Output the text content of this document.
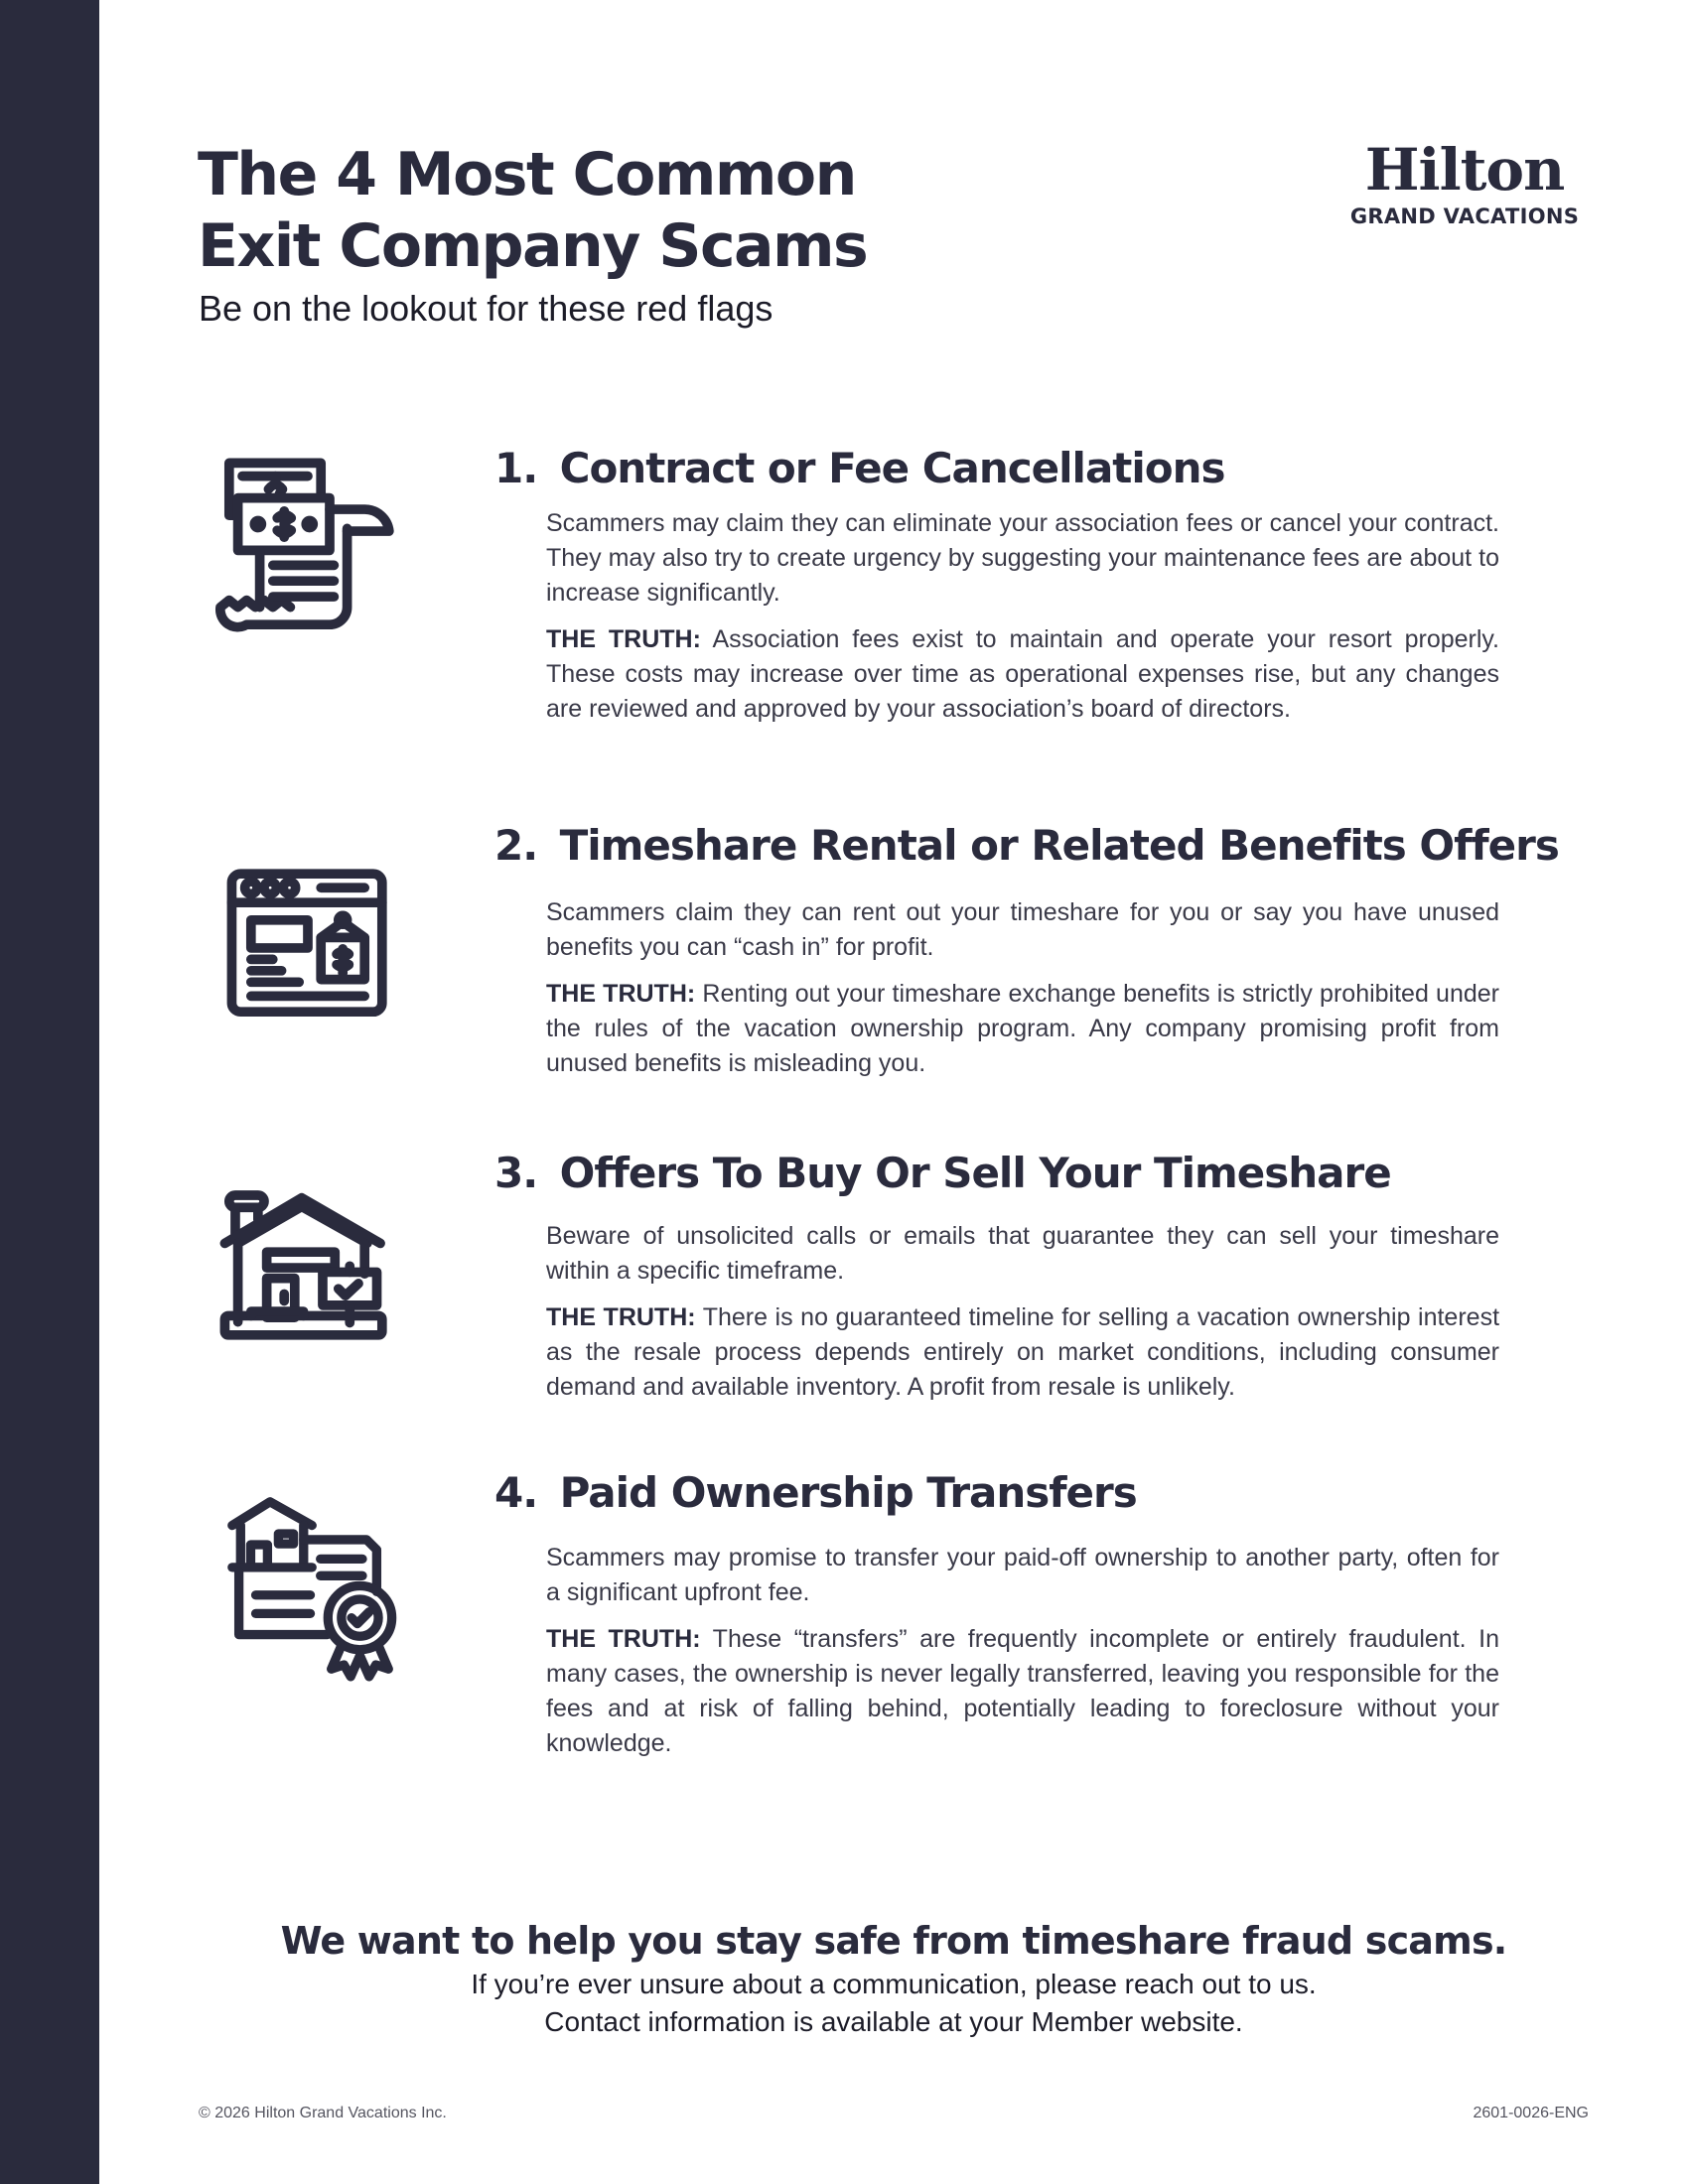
The 4 Most Common
Exit Company Scams

Be on the lookout for these red flags

Hilton
GRAND VACATIONS
1. Contract or Fee Cancellations

Scammers may claim they can eliminate your association fees or cancel your contract. They may also try to create urgency by suggesting your maintenance fees are about to increase significantly.

THE TRUTH: Association fees exist to maintain and operate your resort properly. These costs may increase over time as operational expenses rise, but any changes are reviewed and approved by your association’s board of directors.

2. Timeshare Rental or Related Benefits Offers

Scammers claim they can rent out your timeshare for you or say you have unused benefits you can “cash in” for profit.

THE TRUTH: Renting out your timeshare exchange benefits is strictly prohibited under the rules of the vacation ownership program. Any company promising profit from unused benefits is misleading you.

3. Offers To Buy Or Sell Your Timeshare

Beware of unsolicited calls or emails that guarantee they can sell your timeshare within a specific timeframe.

THE TRUTH: There is no guaranteed timeline for selling a vacation ownership interest as the resale process depends entirely on market conditions, including consumer demand and available inventory. A profit from resale is unlikely.

4. Paid Ownership Transfers

Scammers may promise to transfer your paid-off ownership to another party, often for a significant upfront fee.

THE TRUTH: These “transfers” are frequently incomplete or entirely fraudulent. In many cases, the ownership is never legally transferred, leaving you responsible for the fees and at risk of falling behind, potentially leading to foreclosure without your knowledge.

We want to help you stay safe from timeshare fraud scams.

If you’re ever unsure about a communication, please reach out to us.

Contact information is available at your Member website.

© 2026 Hilton Grand Vacations Inc.	2601-0026-ENG
